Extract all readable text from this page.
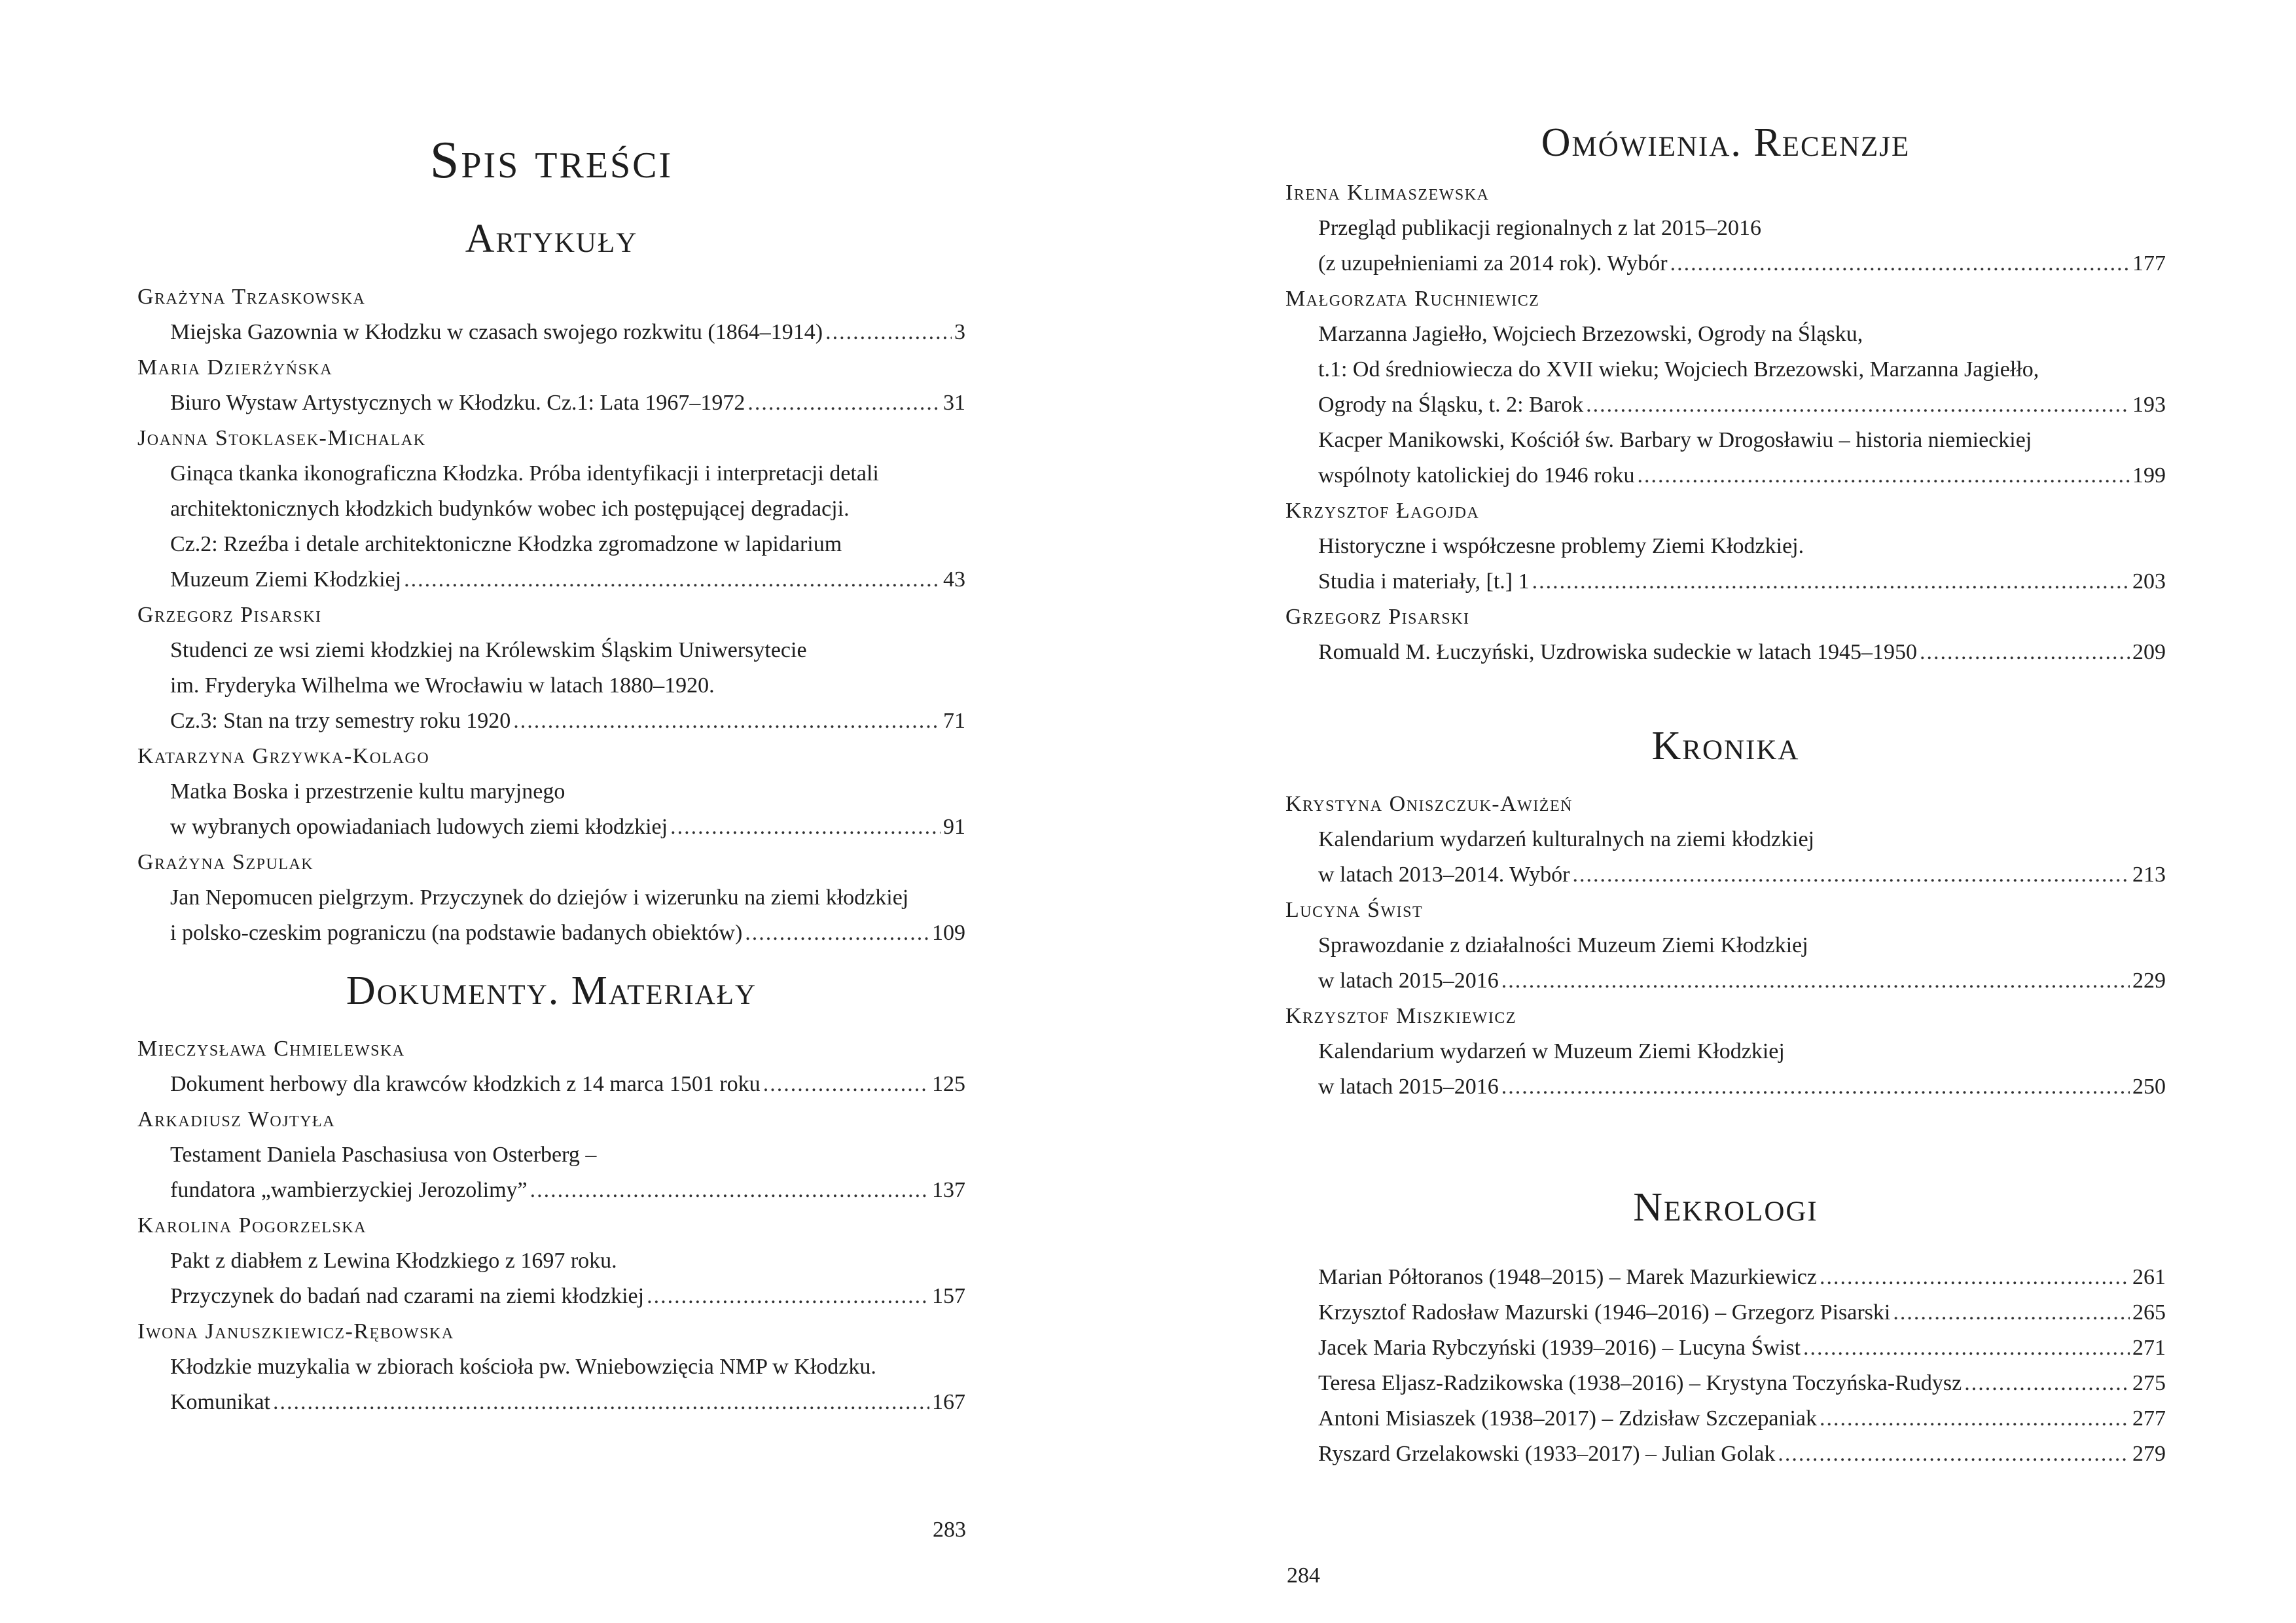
Spis treści
Artykuły
Grażyna Trzaskowska
Miejska Gazownia w Kłodzku w czasach swojego rozkwitu (1864–1914) .....	3
Maria Dzierżyńska
Biuro Wystaw Artystycznych w Kłodzku. Cz.1: Lata 1967–1972 .....	31
Joanna Stoklasek-Michalak
Ginąca tkanka ikonograficzna Kłodzka. Próba identyfikacji i interpretacji detali
architektonicznych kłodzkich budynków wobec ich postępującej degradacji.
Cz.2: Rzeźba i detale architektoniczne Kłodzka zgromadzone w lapidarium
Muzeum Ziemi Kłodzkiej .....	43
Grzegorz Pisarski
Studenci ze wsi ziemi kłodzkiej na Królewskim Śląskim Uniwersytecie
im. Fryderyka Wilhelma we Wrocławiu w latach 1880–1920.
Cz.3: Stan na trzy semestry roku 1920 .....	71
Katarzyna Grzywka-Kolago
Matka Boska i przestrzenie kultu maryjnego
w wybranych opowiadaniach ludowych ziemi kłodzkiej .....	91
Grażyna Szpulak
Jan Nepomucen pielgrzym. Przyczynek do dziejów i wizerunku na ziemi kłodzkiej
i polsko-czeskim pograniczu (na podstawie badanych obiektów) .....	109
Dokumenty. Materiały
Mieczysława Chmielewska
Dokument herbowy dla krawców kłodzkich z 14 marca 1501 roku .....	125
Arkadiusz Wojtyła
Testament Daniela Paschasiusa von Osterberg –
fundatora „wambierzyckiej Jerozolimy” .....	137
Karolina Pogorzelska
Pakt z diabłem z Lewina Kłodzkiego z 1697 roku.
Przyczynek do badań nad czarami na ziemi kłodzkiej .....	157
Iwona Januszkiewicz-Rębowska
Kłodzkie muzykalia w zbiorach kościoła pw. Wniebowzięcia NMP w Kłodzku.
Komunikat .....	167
283
Omówienia. Recenzje
Irena Klimaszewska
Przegląd publikacji regionalnych z lat 2015–2016
(z uzupełnieniami za 2014 rok). Wybór .....	177
Małgorzata Ruchniewicz
Marzanna Jagiełło, Wojciech Brzezowski, Ogrody na Śląsku,
t.1: Od średniowiecza do XVII wieku; Wojciech Brzezowski, Marzanna Jagiełło,
Ogrody na Śląsku, t. 2: Barok .....	193
Kacper Manikowski, Kościół św. Barbary w Drogosławiu – historia niemieckiej
wspólnoty katolickiej do 1946 roku .....	199
Krzysztof Łagojda
Historyczne i współczesne problemy Ziemi Kłodzkiej.
Studia i materiały, [t.] 1 .....	203
Grzegorz Pisarski
Romuald M. Łuczyński, Uzdrowiska sudeckie w latach 1945–1950 .....	209
Kronika
Krystyna Oniszczuk-Awiżeń
Kalendarium wydarzeń kulturalnych na ziemi kłodzkiej
w latach 2013–2014. Wybór .....	213
Lucyna Świst
Sprawozdanie z działalności Muzeum Ziemi Kłodzkiej
w latach 2015–2016 .....	229
Krzysztof Miszkiewicz
Kalendarium wydarzeń w Muzeum Ziemi Kłodzkiej
w latach 2015–2016 .....	250
Nekrologi
Marian Półtoranos (1948–2015) – Marek Mazurkiewicz .....	261
Krzysztof Radosław Mazurski (1946–2016) – Grzegorz Pisarski .....	265
Jacek Maria Rybczyński (1939–2016) – Lucyna Świst .....	271
Teresa Eljasz-Radzikowska (1938–2016) – Krystyna Toczyńska-Rudysz .....	275
Antoni Misiaszek (1938–2017) – Zdzisław Szczepaniak .....	277
Ryszard Grzelakowski (1933–2017) – Julian Golak .....	279
284
